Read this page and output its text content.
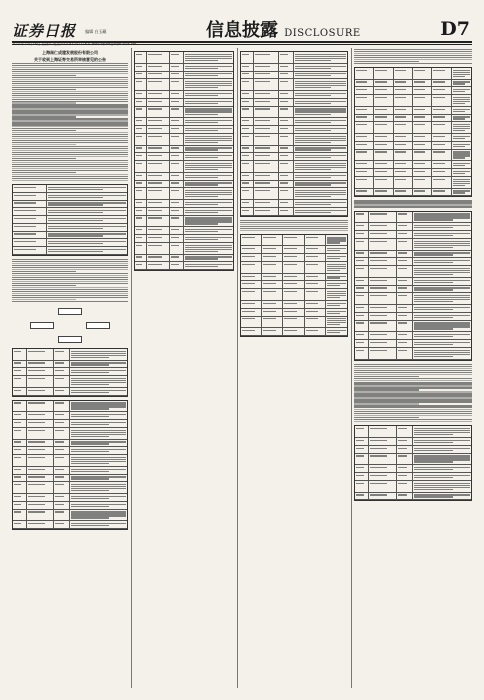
证券日报 编辑 白玉藏
2021年10月16日 星期六 电话:010-83251716 E-mail:zqrb9@zqrb.sina.net
信息披露 DISCLOSURE	D7
上海南仁成建发展股份有限公司
关于收到上海证券交易所审核意见的公告
